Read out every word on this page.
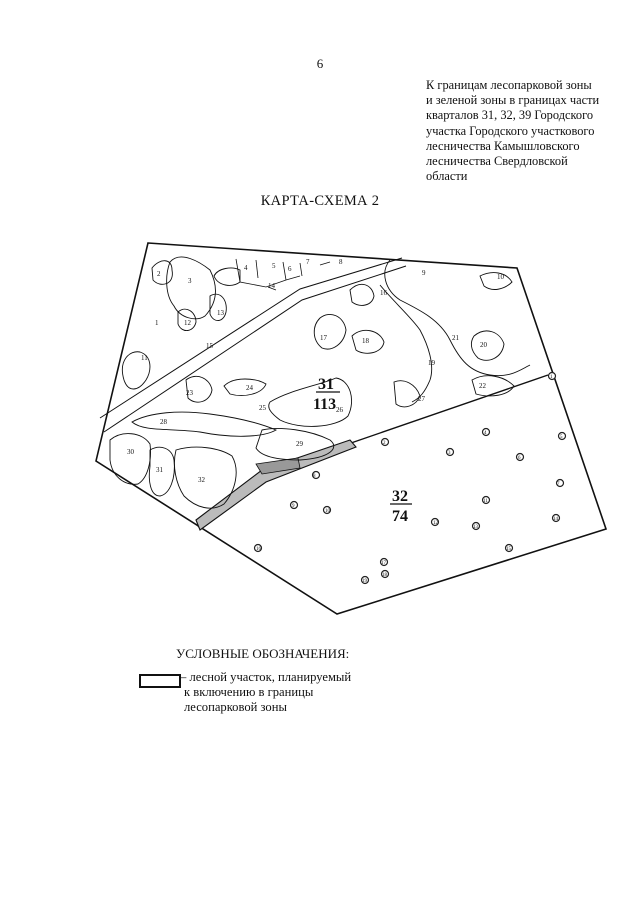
6
К границам лесопарковой зоны
и зеленой зоны в границах части
кварталов 31, 32, 39 Городского
участка Городского участкового
лесничества Камышловского
лесничества Свердловской
области
КАРТА-СХЕМА 2
2
1
3
4	5 6
7	8
9	10
11
12
13
14
15
16
17	18
19
20
21
22
23
24
25	26
27
28
29
30
31
32
31
113
32
74
1
2
3
4
5
6
7
8
9
10
11
12
13
14
15
16
17
18
19
УСЛОВНЫЕ ОБОЗНАЧЕНИЯ:
– лесной участок, планируемый
к включению в границы
лесопарковой зоны
